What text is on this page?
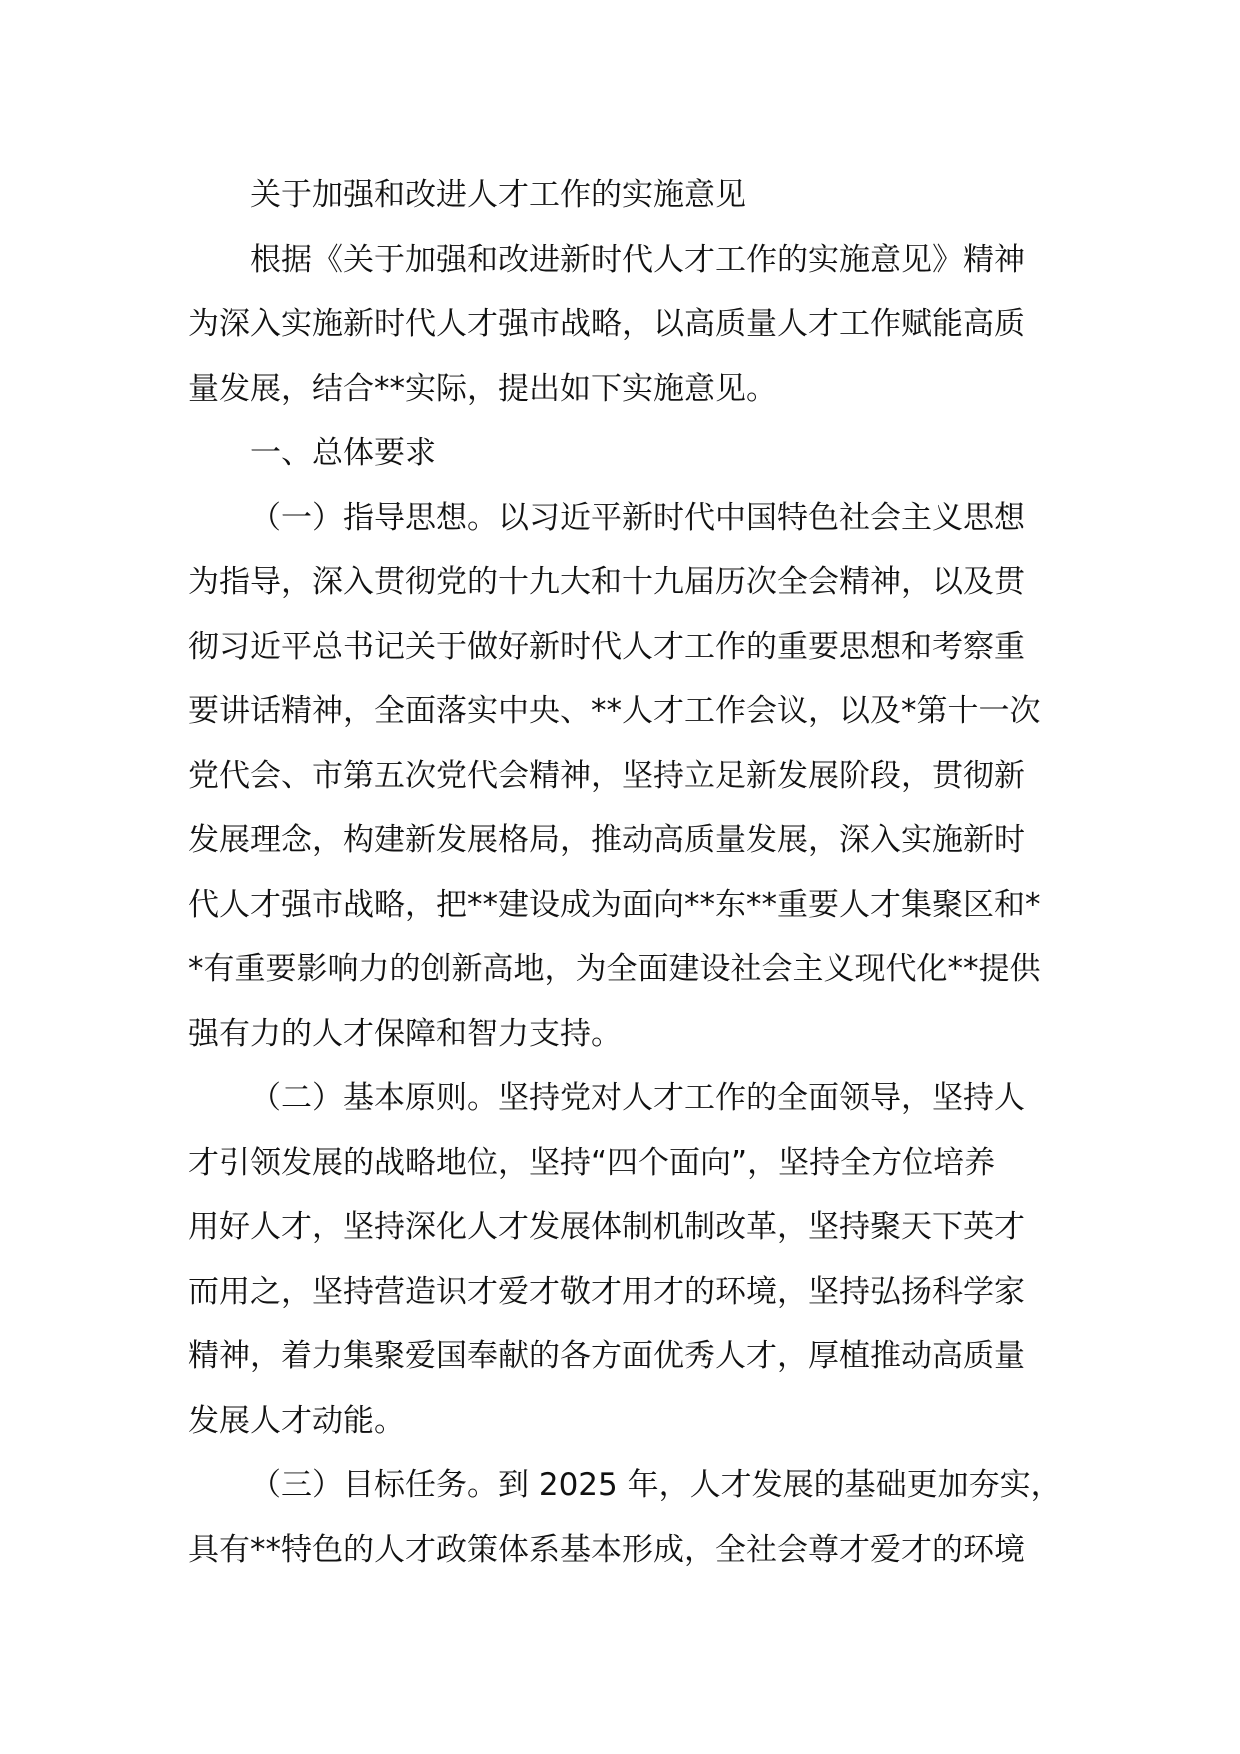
关于加强和改进人才工作的实施意见
根据《关于加强和改进新时代人才工作的实施意见》精神
为深入实施新时代人才强市战略，以高质量人才工作赋能高质
量发展，结合**实际，提出如下实施意见。
一、总体要求
（一）指导思想。以习近平新时代中国特色社会主义思想
为指导，深入贯彻党的十九大和十九届历次全会精神，以及贯
彻习近平总书记关于做好新时代人才工作的重要思想和考察重
要讲话精神，全面落实中央、**人才工作会议，以及*第十一次
党代会、市第五次党代会精神，坚持立足新发展阶段，贯彻新
发展理念，构建新发展格局，推动高质量发展，深入实施新时
代人才强市战略，把**建设成为面向**东**重要人才集聚区和*
*有重要影响力的创新高地，为全面建设社会主义现代化**提供
强有力的人才保障和智力支持。
（二）基本原则。坚持党对人才工作的全面领导，坚持人
才引领发展的战略地位，坚持“四个面向”，坚持全方位培养
用好人才，坚持深化人才发展体制机制改革，坚持聚天下英才
而用之，坚持营造识才爱才敬才用才的环境，坚持弘扬科学家
精神，着力集聚爱国奉献的各方面优秀人才，厚植推动高质量
发展人才动能。
（三）目标任务。到 2025 年，人才发展的基础更加夯实，
具有**特色的人才政策体系基本形成，全社会尊才爱才的环境
